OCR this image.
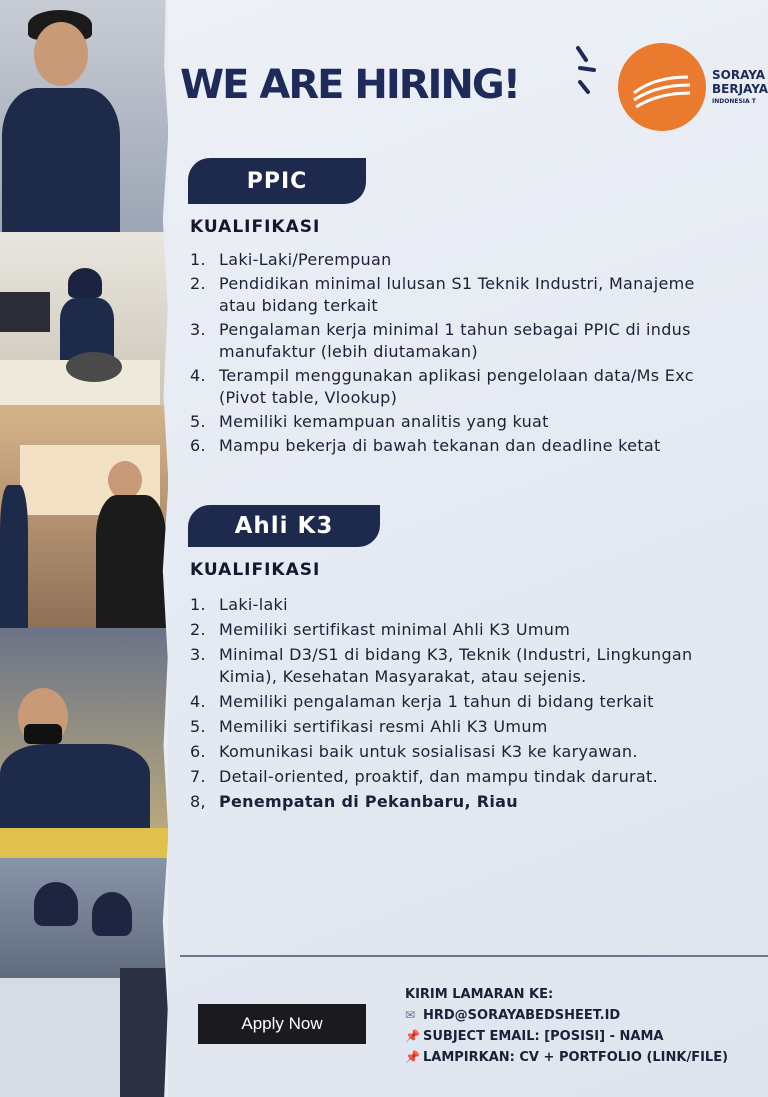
WE ARE HIRING!	SORAYA
BERJAYA
INDONESIA T
PPIC
KUALIFIKASI
1. Laki-Laki/Perempuan
2. Pendidikan minimal lulusan S1 Teknik Industri, Manajeme
atau bidang terkait
3. Pengalaman kerja minimal 1 tahun sebagai PPIC di indus
manufaktur (lebih diutamakan)
4. Terampil menggunakan aplikasi pengelolaan data/Ms Exc
(Pivot table, Vlookup)
5. Memiliki kemampuan analitis yang kuat
6. Mampu bekerja di bawah tekanan dan deadline ketat
Ahli K3
KUALIFIKASI
1. Laki-laki
2. Memiliki sertifikast minimal Ahli K3 Umum
3. Minimal D3/S1 di bidang K3, Teknik (Industri, Lingkungan
Kimia), Kesehatan Masyarakat, atau sejenis.
4. Memiliki pengalaman kerja 1 tahun di bidang terkait
5. Memiliki sertifikasi resmi Ahli K3 Umum
6. Komunikasi baik untuk sosialisasi K3 ke karyawan.
7. Detail-oriented, proaktif, dan mampu tindak darurat.
8, Penempatan di Pekanbaru, Riau
Apply Now
KIRIM LAMARAN KE:
✉ HRD@SORAYABEDSHEET.ID
📌 SUBJECT EMAIL: [POSISI] - NAMA
📌 LAMPIRKAN: CV + PORTFOLIO (LINK/FILE)
